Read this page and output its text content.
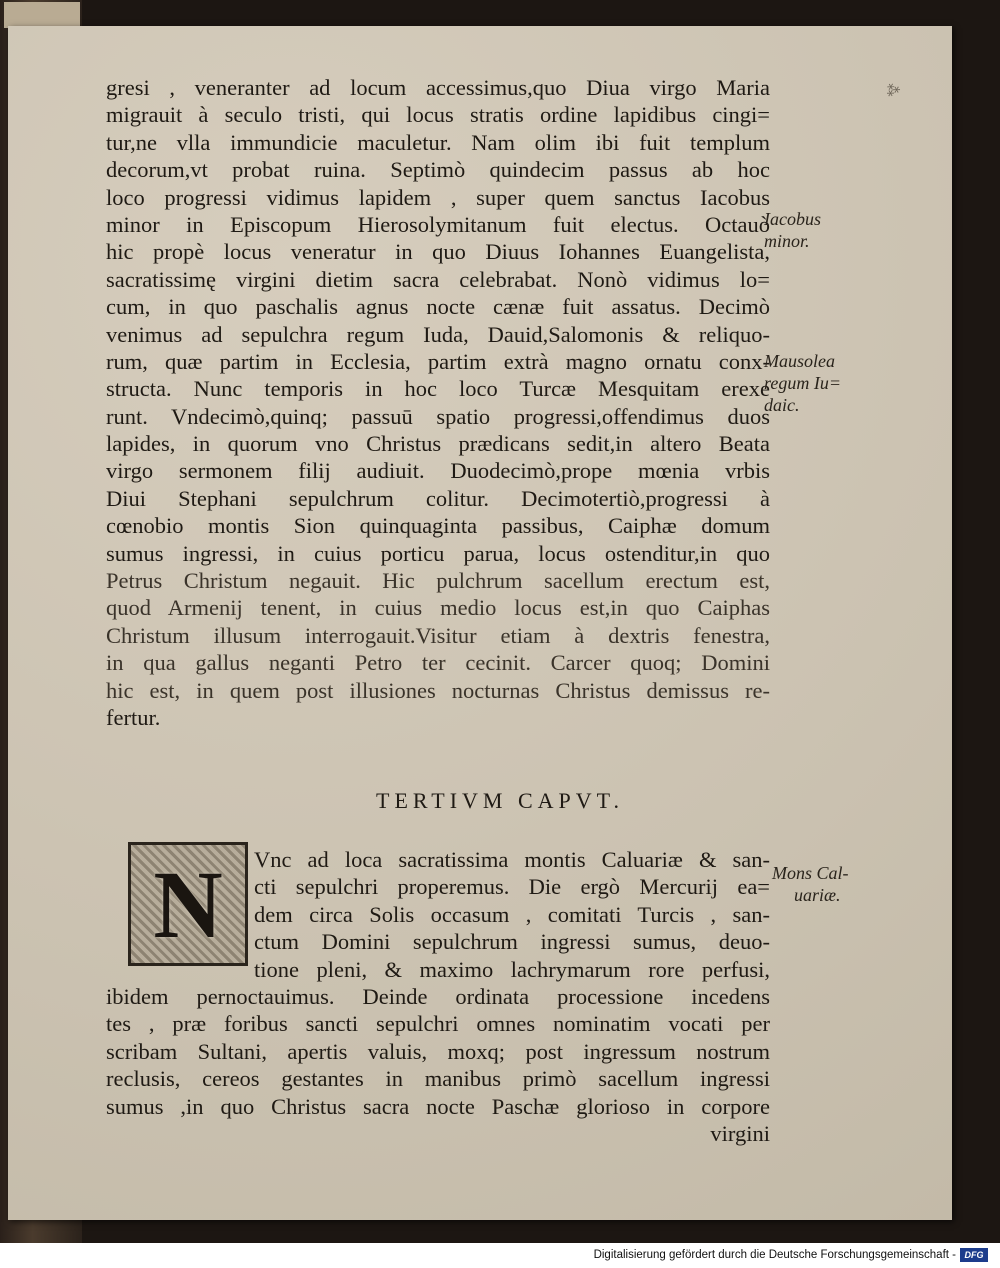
⁂
gresi , veneranter ad locum accessimus,quo Diua virgo Maria
migrauit à seculo tristi, qui locus stratis ordine lapidibus cingi=
tur,ne vlla immundicie maculetur. Nam olim ibi fuit templum
decorum,vt probat ruina. Septimò quindecim passus ab hoc
loco progressi vidimus lapidem , super quem sanctus Iacobus
minor in Episcopum Hierosolymitanum fuit electus. Octauò
hic propè locus veneratur in quo Diuus Iohannes Euangelista,
sacratissimę virgini dietim sacra celebrabat. Nonò vidimus lo=
cum, in quo paschalis agnus nocte cænæ fuit assatus. Decimò
venimus ad sepulchra regum Iuda, Dauid,Salomonis & reliquo-
rum, quæ partim in Ecclesia, partim extrà magno ornatu conx-
structa. Nunc temporis in hoc loco Turcæ Mesquitam erexe
runt. Vndecimò,quinq; passuū spatio progressi,offendimus duos
lapides, in quorum vno Christus prædicans sedit,in altero Beata
virgo sermonem filij audiuit. Duodecimò,prope mœnia vrbis
Diui Stephani sepulchrum colitur. Decimotertiò,progressi à
cœnobio montis Sion quinquaginta passibus, Caiphæ domum
sumus ingressi, in cuius porticu parua, locus ostenditur,in quo
Petrus Christum negauit. Hic pulchrum sacellum erectum est,
quod Armenij tenent, in cuius medio locus est,in quo Caiphas
Christum illusum interrogauit.Visitur etiam à dextris fenestra,
in qua gallus neganti Petro ter cecinit. Carcer quoq; Domini
hic est, in quem post illusiones nocturnas Christus demissus re-
fertur.
Iacobus
minor.
Mausolea
regum Iu=
daic.
Mons Cal-
uariæ.
TERTIVM CAPVT.
N	Vnc ad loca sacratissima montis Caluariæ & san-
cti sepulchri properemus. Die ergò Mercurij ea=
dem circa Solis occasum , comitati Turcis , san-
ctum Domini sepulchrum ingressi sumus, deuo-
tione pleni, & maximo lachrymarum rore perfusi,
ibidem pernoctauimus. Deinde ordinata processione incedens
tes , præ foribus sancti sepulchri omnes nominatim vocati per
scribam Sultani, apertis valuis, moxq; post ingressum nostrum
reclusis, cereos gestantes in manibus primò sacellum ingressi
sumus ,in quo Christus sacra nocte Paschæ glorioso in corpore
virgini
Digitalisierung gefördert durch die Deutsche Forschungsgemeinschaft - DFG
